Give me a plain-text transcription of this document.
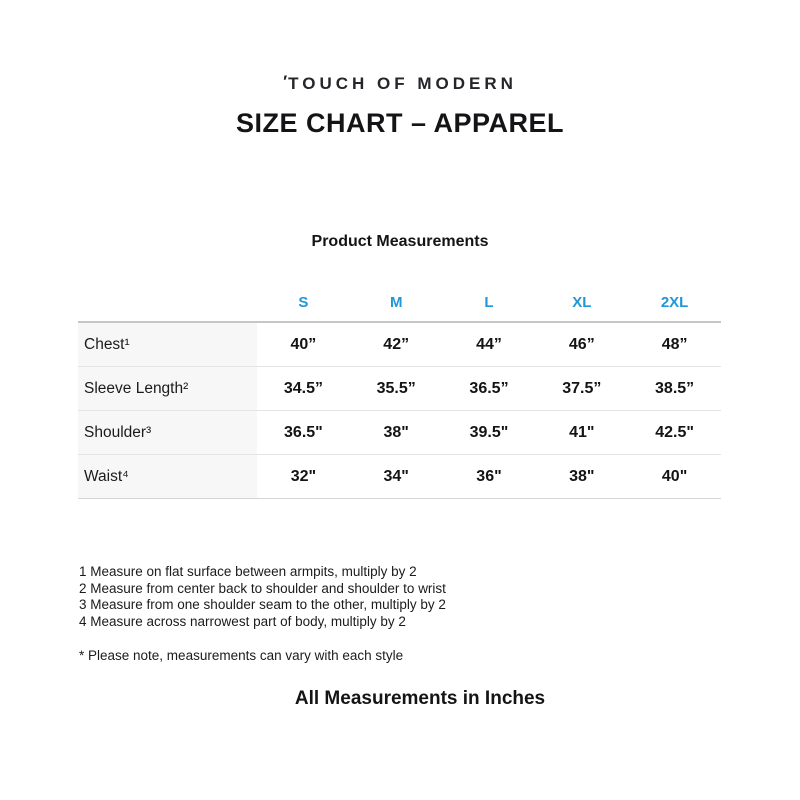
′TOUCH OF MODERN
SIZE CHART – APPAREL
Product Measurements
	S	M	L	XL	2XL
Chest¹	40”	42”	44”	46”	48”
Sleeve Length²	34.5”	35.5”	36.5”	37.5”	38.5”
Shoulder³	36.5"	38"	39.5"	41"	42.5"
Waist⁴	32"	34"	36"	38"	40"
1 Measure on flat surface between armpits, multiply by 2
2 Measure from center back to shoulder and shoulder to wrist
3 Measure from one shoulder seam to the other, multiply by 2
4 Measure across narrowest part of body, multiply by 2
* Please note, measurements can vary with each style
All Measurements in Inches
